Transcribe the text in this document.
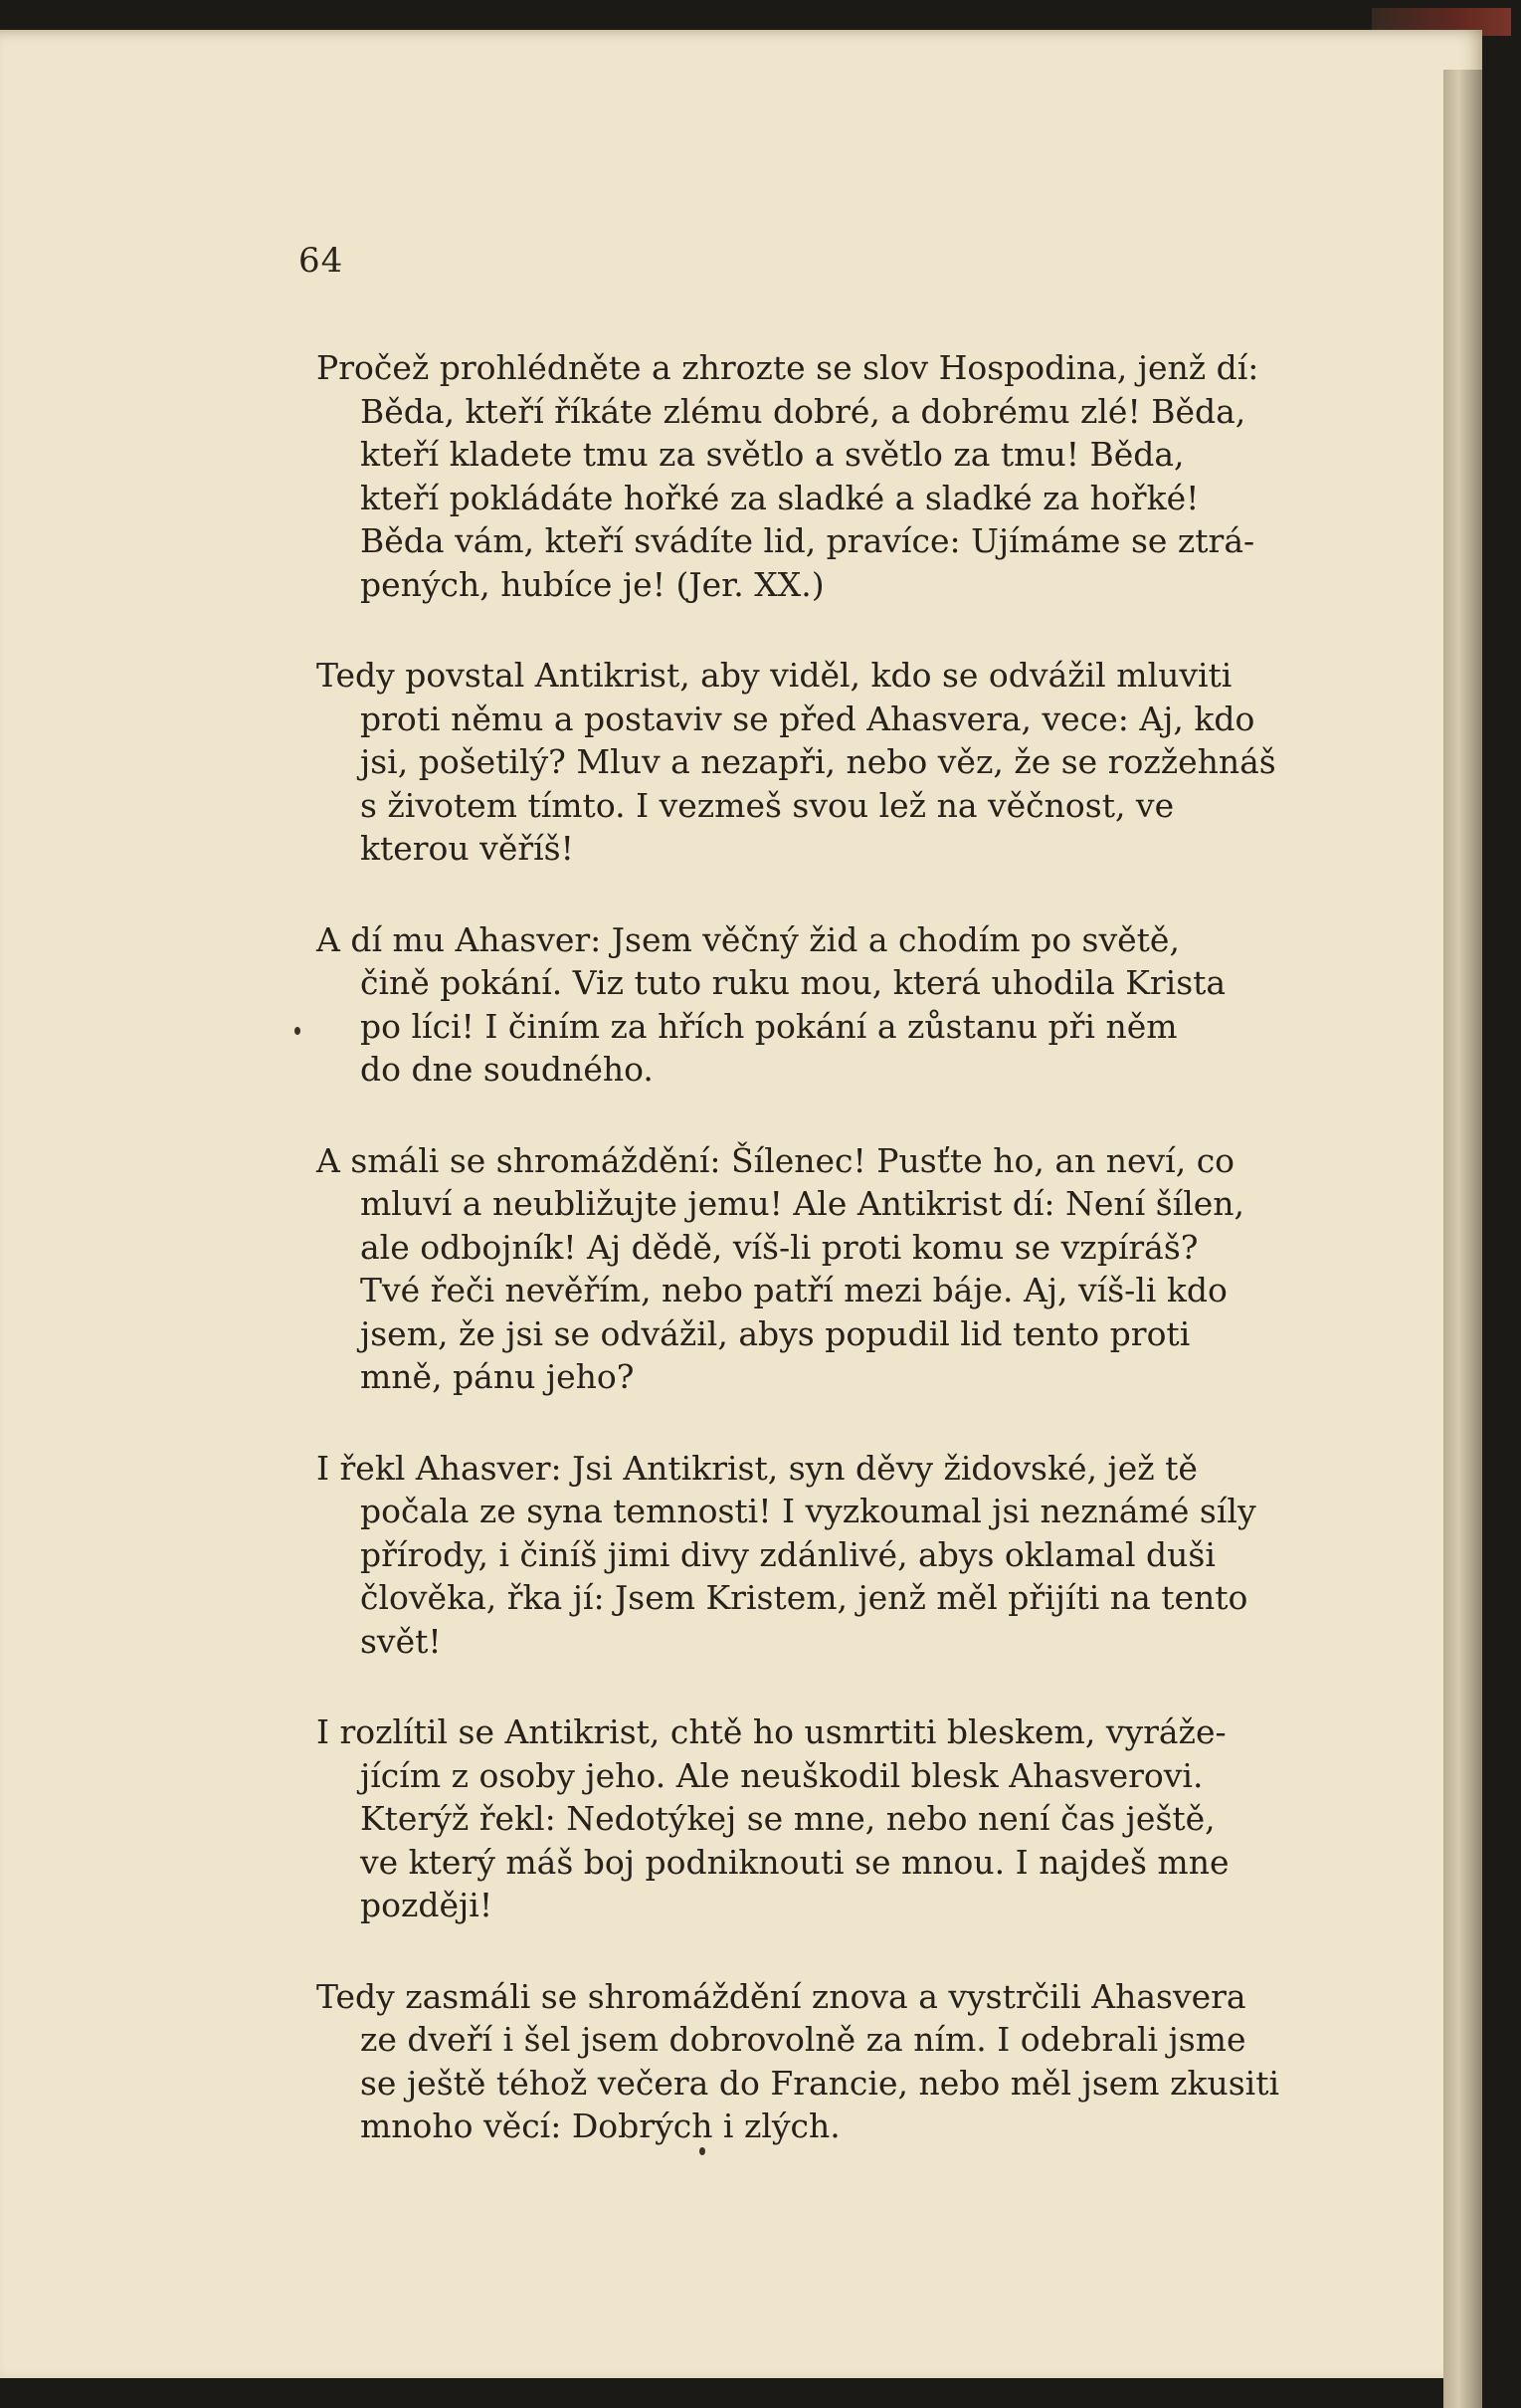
64
Pročež prohlédněte a zhrozte se slov Hospodina, jenž dí:
Běda, kteří říkáte zlému dobré, a dobrému zlé! Běda,
kteří kladete tmu za světlo a světlo za tmu! Běda,
kteří pokládáte hořké za sladké a sladké za hořké!
Běda vám, kteří svádíte lid, pravíce: Ujímáme se ztrá-
pených, hubíce je! (Jer. XX.)
Tedy povstal Antikrist, aby viděl, kdo se odvážil mluviti
proti němu a postaviv se před Ahasvera, vece: Aj, kdo
jsi, pošetilý? Mluv a nezapři, nebo věz, že se rozžehnáš
s životem tímto. I vezmeš svou lež na věčnost, ve
kterou věříš!
A dí mu Ahasver: Jsem věčný žid a chodím po světě,
čině pokání. Viz tuto ruku mou, která uhodila Krista
po líci! I činím za hřích pokání a zůstanu při něm
do dne soudného.
A smáli se shromáždění: Šílenec! Pusťte ho, an neví, co
mluví a neubližujte jemu! Ale Antikrist dí: Není šílen,
ale odbojník! Aj dědě, víš-li proti komu se vzpíráš?
Tvé řeči nevěřím, nebo patří mezi báje. Aj, víš-li kdo
jsem, že jsi se odvážil, abys popudil lid tento proti
mně, pánu jeho?
I řekl Ahasver: Jsi Antikrist, syn děvy židovské, jež tě
počala ze syna temnosti! I vyzkoumal jsi neznámé síly
přírody, i činíš jimi divy zdánlivé, abys oklamal duši
člověka, řka jí: Jsem Kristem, jenž měl přijíti na tento
svět!
I rozlítil se Antikrist, chtě ho usmrtiti bleskem, vyráže-
jícím z osoby jeho. Ale neuškodil blesk Ahasverovi.
Kterýž řekl: Nedotýkej se mne, nebo není čas ještě,
ve který máš boj podniknouti se mnou. I najdeš mne
později!
Tedy zasmáli se shromáždění znova a vystrčili Ahasvera
ze dveří i šel jsem dobrovolně za ním. I odebrali jsme
se ještě téhož večera do Francie, nebo měl jsem zkusiti
mnoho věcí: Dobrých i zlých.
